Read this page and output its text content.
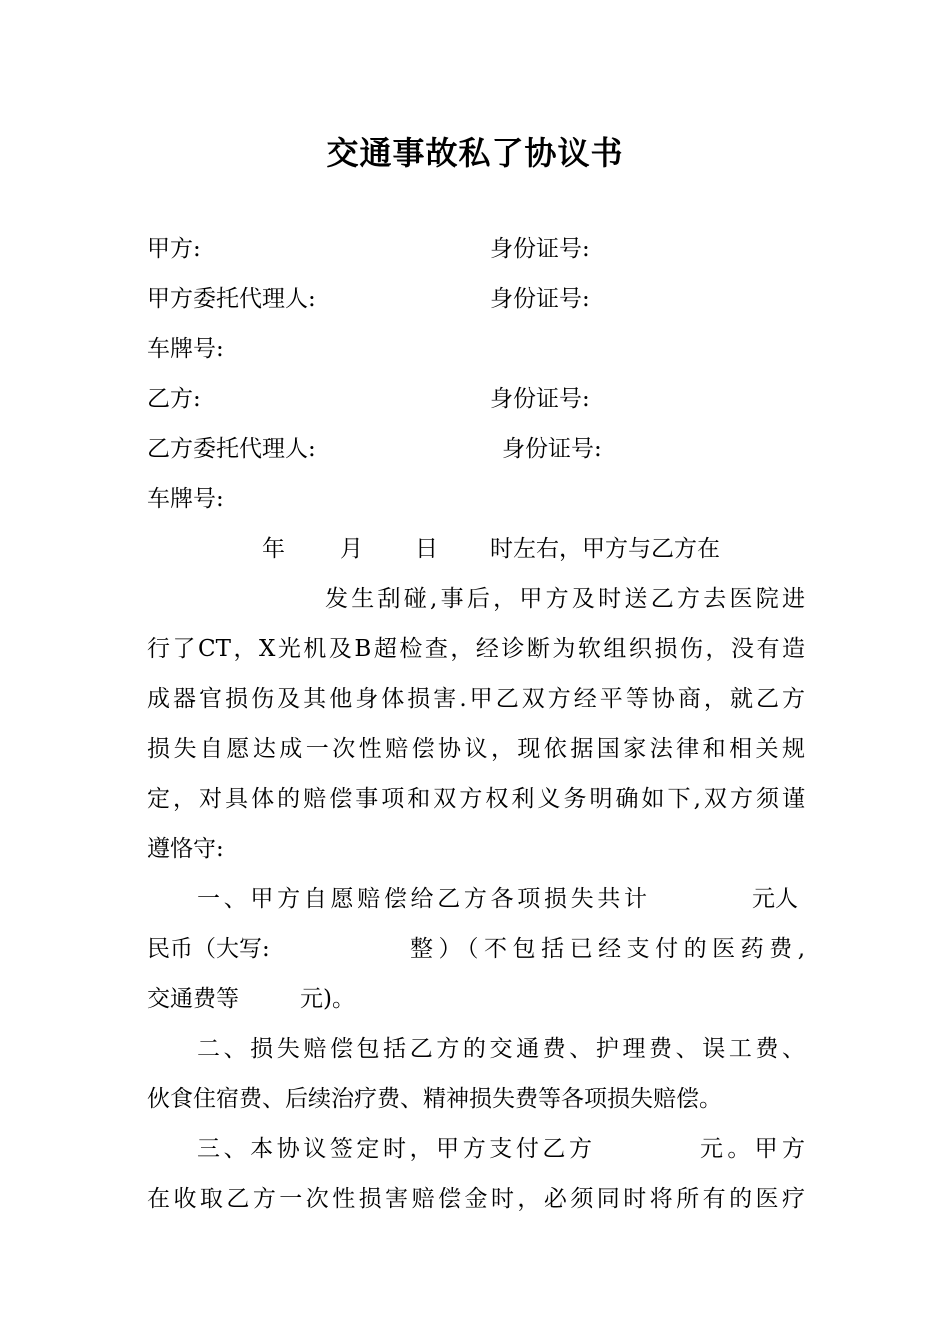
交通事故私了协议书
甲方:	身份证号:
甲方委托代理人:	身份证号:
车牌号:
乙方:	身份证号:
乙方委托代理人:	身份证号:
车牌号:
年 月 日 时左右，甲方与乙方在
发生刮碰,事后，甲方及时送乙方去医院进
行了CT，X光机及B超检查，经诊断为软组织损伤，没有造
成器官损伤及其他身体损害.甲乙双方经平等协商，就乙方
损失自愿达成一次性赔偿协议，现依据国家法律和相关规
定，对具体的赔偿事项和双方权利义务明确如下,双方须谨
遵恪守:
一、甲方自愿赔偿给乙方各项损失共计	元人
民币（大写:	整）（不包括已经支付的医药费,
交通费等	元)。
二、损失赔偿包括乙方的交通费、护理费、误工费、
伙食住宿费、后续治疗费、精神损失费等各项损失赔偿。
三、本协议签定时，甲方支付乙方	元。甲方
在收取乙方一次性损害赔偿金时，必须同时将所有的医疗
